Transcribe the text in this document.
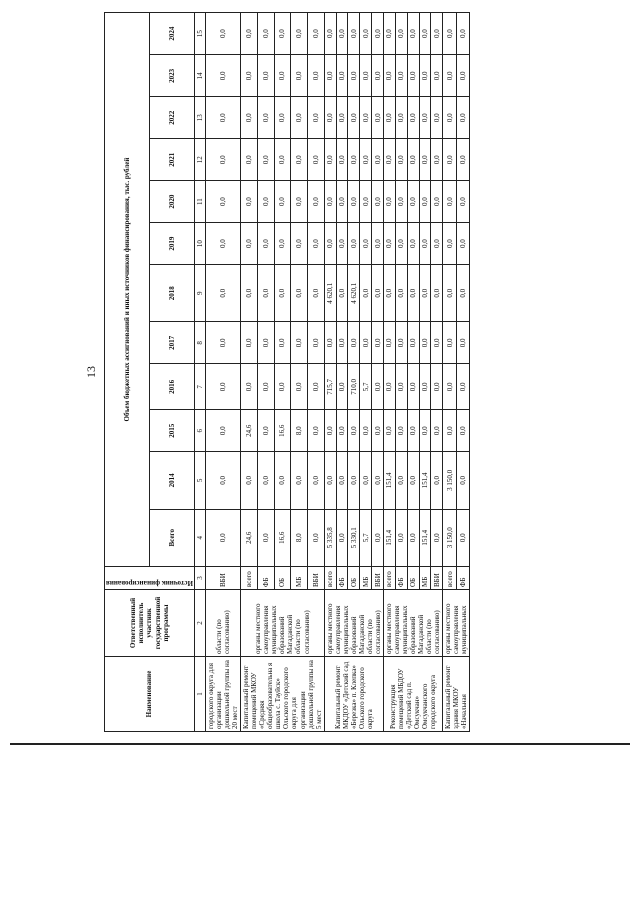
13
Наименование	Ответственный исполнитель участник государственной программы	Источник финансирования	Объем бюджетных ассигнований и иных источников финансирования, тыс. рублей											
			Всего	2014	2015	2016	2017	2018	2019	2020	2021	2022	2023	2024
1	2	3	4	5	6	7	8	9	10	11	12	13	14	15
городского округа для организации дошкольной группы на 20 мест	области (по согласованию)	ВБИ	0,0	0,0	0,0	0,0	0,0	0,0	0,0	0,0	0,0	0,0	0,0	0,0
Капитальный ремонт помещений МКОУ «Средняя общеобразовательна я школа с. Тауйск» Ольского городского округа для организации дошкольной группы на 5 мест	органы местного самоуправления муниципальных образований Магаданской области (по согласованию)	всего	24,6	0,0	24,6	0,0	0,0	0,0	0,0	0,0	0,0	0,0	0,0	0,0
		ФБ	0,0	0,0	0,0	0,0	0,0	0,0	0,0	0,0	0,0	0,0	0,0	0,0
		ОБ	16,6	0,0	16,6	0,0	0,0	0,0	0,0	0,0	0,0	0,0	0,0	0,0
		МБ	8,0	0,0	8,0	0,0	0,0	0,0	0,0	0,0	0,0	0,0	0,0	0,0
		ВБИ	0,0	0,0	0,0	0,0	0,0	0,0	0,0	0,0	0,0	0,0	0,0	0,0
Капитальный ремонт МКДОУ «Детский сад «Березка» п. Клепка» Ольского городского округа	органы местного самоуправления муниципальных образований Магаданской области (по согласованию)	всего	5 335,8	0,0	0,0	715,7	0,0	4 620,1	0,0	0,0	0,0	0,0	0,0	0,0
		ФБ	0,0	0,0	0,0	0,0	0,0	0,0	0,0	0,0	0,0	0,0	0,0	0,0
		ОБ	5 330,1	0,0	0,0	710,0	0,0	4 620,1	0,0	0,0	0,0	0,0	0,0	0,0
		МБ	5,7	0,0	0,0	5,7	0,0	0,0	0,0	0,0	0,0	0,0	0,0	0,0
		ВБИ	0,0	0,0	0,0	0,0	0,0	0,0	0,0	0,0	0,0	0,0	0,0	0,0
Реконструкция помещений МБДОУ «Детский сад п. Омсукчан» Омсукчанского городского округа	органы местного самоуправления муниципальных образований Магаданской области (по согласованию)	всего	151,4	151,4	0,0	0,0	0,0	0,0	0,0	0,0	0,0	0,0	0,0	0,0
		ФБ	0,0	0,0	0,0	0,0	0,0	0,0	0,0	0,0	0,0	0,0	0,0	0,0
		ОБ	0,0	0,0	0,0	0,0	0,0	0,0	0,0	0,0	0,0	0,0	0,0	0,0
		МБ	151,4	151,4	0,0	0,0	0,0	0,0	0,0	0,0	0,0	0,0	0,0	0,0
		ВБИ	0,0	0,0	0,0	0,0	0,0	0,0	0,0	0,0	0,0	0,0	0,0	0,0
Капитальный ремонт здания МКОУ «Начальная	органы местного самоуправления муниципальных	всего	3 150,0	3 150,0	0,0	0,0	0,0	0,0	0,0	0,0	0,0	0,0	0,0	0,0
		ФБ	0,0	0,0	0,0	0,0	0,0	0,0	0,0	0,0	0,0	0,0	0,0	0,0
